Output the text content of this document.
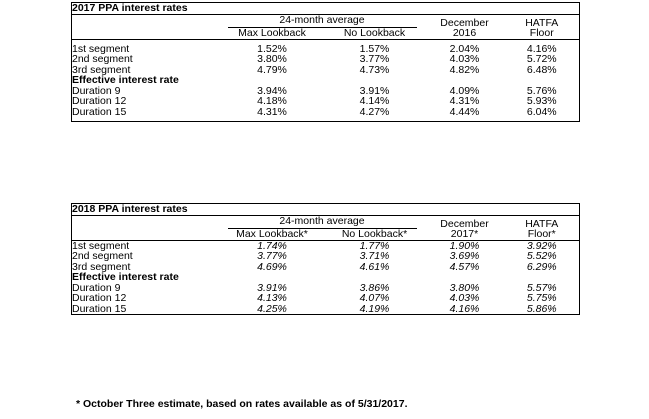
2017 PPA interest rates				

	24-month average		December	HATFA
	Max Lookback	No Lookback	2016	Floor

1st segment	1.52%	1.57%	2.04%	4.16%
2nd segment	3.80%	3.77%	4.03%	5.72%
3rd segment	4.79%	4.73%	4.82%	6.48%
Effective interest rate				
Duration 9	3.94%	3.91%	4.09%	5.76%
Duration 12	4.18%	4.14%	4.31%	5.93%
Duration 15	4.31%	4.27%	4.44%	6.04%

2018 PPA interest rates				

	24-month average		December	HATFA
	Max Lookback*	No Lookback*	2017*	Floor*
1st segment	1.74%	1.77%	1.90%	3.92%
2nd segment	3.77%	3.71%	3.69%	5.52%
3rd segment	4.69%	4.61%	4.57%	6.29%
Effective interest rate				
Duration 9	3.91%	3.86%	3.80%	5.57%
Duration 12	4.13%	4.07%	4.03%	5.75%
Duration 15	4.25%	4.19%	4.16%	5.86%
* October Three estimate, based on rates available as of 5/31/2017.
